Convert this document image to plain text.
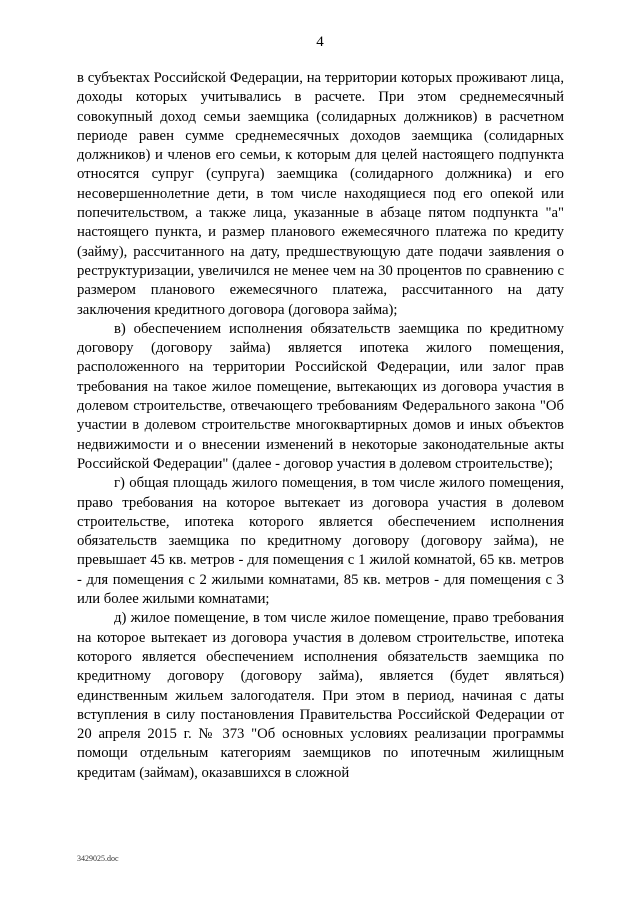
4

в субъектах Российской Федерации, на территории которых проживают лица, доходы которых учитывались в расчете. При этом среднемесячный совокупный доход семьи заемщика (солидарных должников) в расчетном периоде равен сумме среднемесячных доходов заемщика (солидарных должников) и членов его семьи, к которым для целей настоящего подпункта относятся супруг (супруга) заемщика (солидарного должника) и его несовершеннолетние дети, в том числе находящиеся под его опекой или попечительством, а также лица, указанные в абзаце пятом подпункта "а" настоящего пункта, и размер планового ежемесячного платежа по кредиту (займу), рассчитанного на дату, предшествующую дате подачи заявления о реструктуризации, увеличился не менее чем на 30 процентов по сравнению с размером планового ежемесячного платежа, рассчитанного на дату заключения кредитного договора (договора займа);

в) обеспечением исполнения обязательств заемщика по кредитному договору (договору займа) является ипотека жилого помещения, расположенного на территории Российской Федерации, или залог прав требования на такое жилое помещение, вытекающих из договора участия в долевом строительстве, отвечающего требованиям Федерального закона "Об участии в долевом строительстве многоквартирных домов и иных объектов недвижимости и о внесении изменений в некоторые законодательные акты Российской Федерации" (далее - договор участия в долевом строительстве);

г) общая площадь жилого помещения, в том числе жилого помещения, право требования на которое вытекает из договора участия в долевом строительстве, ипотека которого является обеспечением исполнения обязательств заемщика по кредитному договору (договору займа), не превышает 45 кв. метров - для помещения с 1 жилой комнатой, 65 кв. метров - для помещения с 2 жилыми комнатами, 85 кв. метров - для помещения с 3 или более жилыми комнатами;

д) жилое помещение, в том числе жилое помещение, право требования на которое вытекает из договора участия в долевом строительстве, ипотека которого является обеспечением исполнения обязательств заемщика по кредитному договору (договору займа), является (будет являться) единственным жильем залогодателя. При этом в период, начиная с даты вступления в силу постановления Правительства Российской Федерации от 20 апреля 2015 г. № 373 "Об основных условиях реализации программы помощи отдельным категориям заемщиков по ипотечным жилищным кредитам (займам), оказавшихся в сложной

3429025.doc
